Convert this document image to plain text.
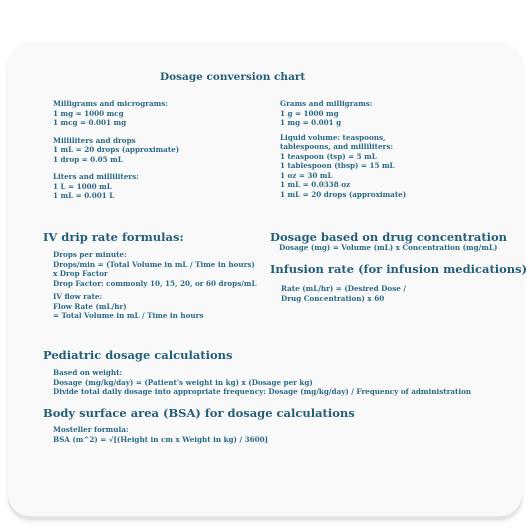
Dosage conversion chart
Milligrams and micrograms:
1 mg = 1000 mcg
1 mcg = 0.001 mg
Milliliters and drops
1 mL = 20 drops (approximate)
1 drop = 0.05 mL
Liters and milliliters:
1 L = 1000 mL
1 mL = 0.001 L
Grams and milligrams:
1 g = 1000 mg
1 mg = 0.001 g
Liquid volume: teaspoons,
tablespoons, and milliliters:
1 teaspoon (tsp) = 5 mL
1 tablespoon (tbsp) = 15 mL
1 oz = 30 mL
1 mL = 0.0338 oz
1 mL = 20 drops (approximate)
IV drip rate formulas:
Drops per minute:
Drops/min = (Total Volume in mL / Time in hours)
x Drop Factor
Drop Factor: commonly 10, 15, 20, or 60 drops/mL
IV flow rate:
Flow Rate (mL/hr)
= Total Volume in mL / Time in hours
Dosage based on drug concentration
Dosage (mg) = Volume (mL) x Concentration (mg/mL)
Infusion rate (for infusion medications)
Rate (mL/hr) = (Desired Dose /
Drug Concentration) x 60
Pediatric dosage calculations
Based on weight:
Dosage (mg/kg/day) = (Patient's weight in kg) x (Dosage per kg)
Divide total daily dosage into appropriate frequency: Dosage (mg/kg/day) / Frequency of administration
Body surface area (BSA) for dosage calculations
Mosteller formula:
BSA (m^2) = √[(Height in cm x Weight in kg) / 3600]
